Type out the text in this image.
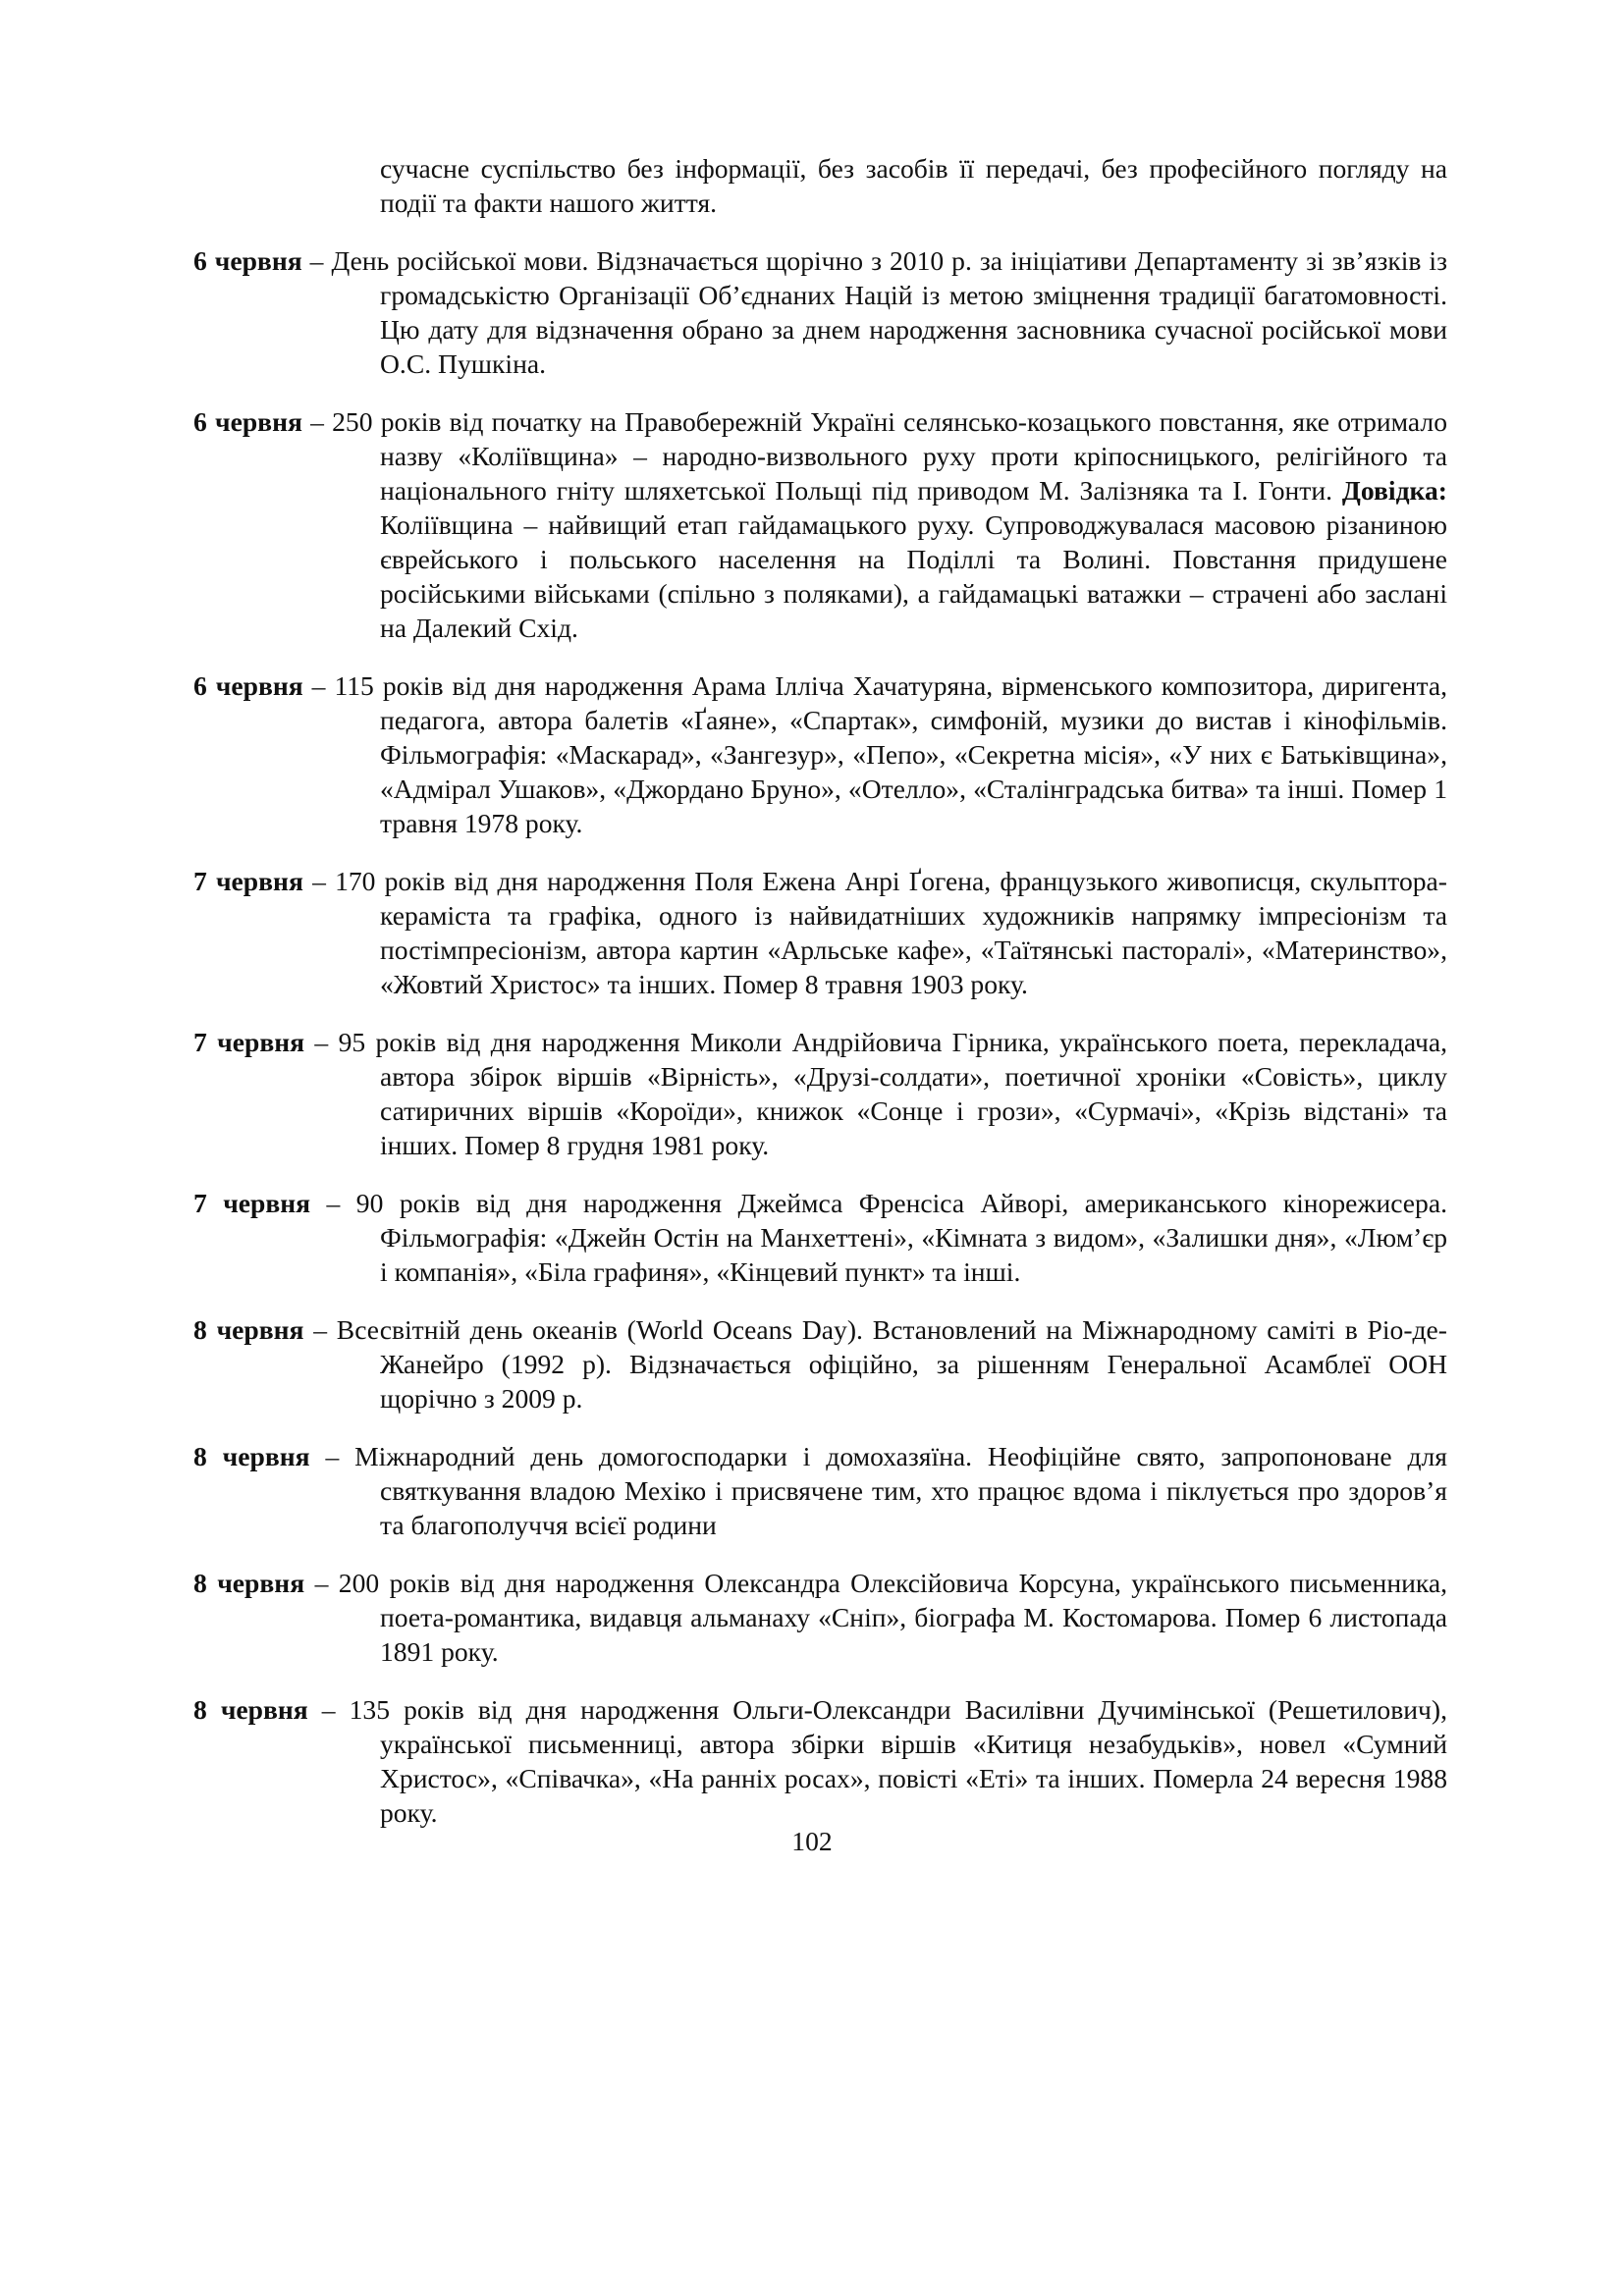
сучасне суспільство без інформації, без засобів її передачі, без професійного погляду на події та факти нашого життя.

6 червня – День російської мови. Відзначається щорічно з 2010 р. за ініціативи Департаменту зі зв’язків із громадськістю Організації Об’єднаних Націй із метою зміцнення традиції багатомовності. Цю дату для відзначення обрано за днем народження засновника сучасної російської мови О.С. Пушкіна.

6 червня – 250 років від початку на Правобережній Україні селянсько-козацького повстання, яке отримало назву «Коліївщина» – народно-визвольного руху проти кріпосницького, релігійного та національного гніту шляхетської Польщі під приводом М. Залізняка та І. Гонти. Довідка: Коліївщина – найвищий етап гайдамацького руху. Супроводжувалася масовою різаниною єврейського і польського населення на Поділлі та Волині. Повстання придушене російськими військами (спільно з поляками), а гайдамацькі ватажки – страчені або заслані на Далекий Схід.

6 червня – 115 років від дня народження Арама Ілліча Хачатуряна, вірменського композитора, диригента, педагога, автора балетів «Ґаяне», «Спартак», симфоній, музики до вистав і кінофільмів. Фільмографія: «Маскарад», «Зангезур», «Пепо», «Секретна місія», «У них є Батьківщина», «Адмірал Ушаков», «Джордано Бруно», «Отелло», «Сталінградська битва» та інші. Помер 1 травня 1978 року.

7 червня – 170 років від дня народження Поля Ежена Анрі Ґогена, французького живописця, скульптора-кераміста та графіка, одного із найвидатніших художників напрямку імпресіонізм та постімпресіонізм, автора картин «Арльське кафе», «Таїтянські пасторалі», «Материнство», «Жовтий Христос» та інших. Помер 8 травня 1903 року.

7 червня – 95 років від дня народження Миколи Андрійовича Гірника, українського поета, перекладача, автора збірок віршів «Вірність», «Друзі-солдати», поетичної хроніки «Совість», циклу сатиричних віршів «Короїди», книжок «Сонце і грози», «Сурмачі», «Крізь відстані» та інших. Помер 8 грудня 1981 року.

7 червня – 90 років від дня народження Джеймса Френсіса Айворі, американського кінорежисера. Фільмографія: «Джейн Остін на Манхеттені», «Кімната з видом», «Залишки дня», «Люм’єр і компанія», «Біла графиня», «Кінцевий пункт» та інші.

8 червня – Всесвітній день океанів (World Oceans Day). Встановлений на Міжнародному саміті в Ріо-де-Жанейро (1992 р). Відзначається офіційно, за рішенням Генеральної Асамблеї ООН щорічно з 2009 р.

8 червня – Міжнародний день домогосподарки і домохазяїна. Неофіційне свято, запропоноване для святкування владою Мехіко і присвячене тим, хто працює вдома і піклується про здоров’я та благополуччя всієї родини

8 червня – 200 років від дня народження Олександра Олексійовича Корсуна, українського письменника, поета-романтика, видавця альманаху «Сніп», біографа М. Костомарова. Помер 6 листопада 1891 року.

8 червня – 135 років від дня народження Ольги-Олександри Василівни Дучимінської (Решетилович), української письменниці, автора збірки віршів «Китиця незабудьків», новел «Сумний Христос», «Співачка», «На ранніх росах», повісті «Еті» та інших. Померла 24 вересня 1988 року.

102
